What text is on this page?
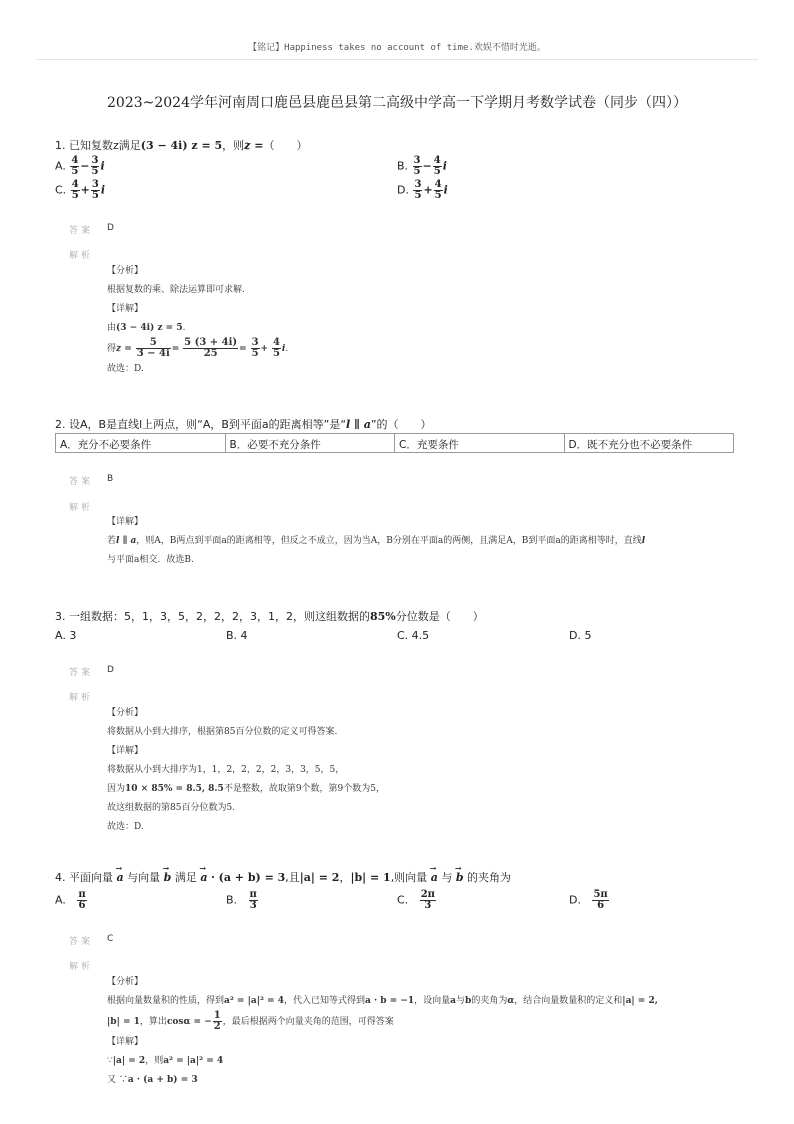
【铭记】Happiness takes no account of time.欢娱不惜时光逝。
2023~2024学年河南周口鹿邑县鹿邑县第二高级中学高一下学期月考数学试卷（同步（四））
1. 已知复数z满足(3 − 4i) z = 5，则z =（　　）
A. $\frac{4}{5} - \frac{3}{5}$ i	B. $\frac{3}{5} - \frac{4}{5}$ i
C. $\frac{4}{5} + \frac{3}{5}$ i	D. $\frac{3}{5} + \frac{4}{5}$ i
答案 D
解析
【分析】
根据复数的乘、除法运算即可求解.
【详解】
由(3 − 4i) z = 5.
得$z = \frac{5}{3 - 4i} = \frac{5 (3 + 4i)}{25} = \frac{3}{5} + \frac{4}{5} i$.
故选：D.
2. 设A，B是直线l上两点，则“A，B到平面a的距离相等”是“l ∥ a”的（　　）
A．充分不必要条件	B．必要不充分条件	C．充要条件	D．既不充分也不必要条件
答案 B
解析
【详解】
若l ∥ a，则A，B两点到平面a的距离相等，但反之不成立，因为当A，B分别在平面a的两侧，且满足A，B到平面a的距离相等时，直线l
与平面a相交．故选B.
3. 一组数据：5，1，3，5，2，2，2，3，1，2，则这组数据的85%分位数是（　　）
A. 3	B. 4	C. 4.5	D. 5
答案 D
解析
【分析】
将数据从小到大排序，根据第85百分位数的定义可得答案.
【详解】
将数据从小到大排序为1，1，2，2，2，2，3，3，5，5，
因为10 × 85% = 8.5, 8.5不是整数，故取第9个数，第9个数为5，
故这组数据的第85百分位数为5.
故选：D.
4. 平面向量 → a 与向量 → b 满足 → a · (a + b) = 3,且|a| = 2，|b| = 1,则向量 → a 与 → b 的夹角为
A. $\frac{\pi}{6}$	B. $\frac{\pi}{3}$	C. $\frac{2\pi}{3}$	D. $\frac{5\pi}{6}$
答案 C
解析
【分析】
根据向量数量积的性质，得到a² = |a|² = 4，代入已知等式得到a · b = −1，设向量a与b的夹角为α，结合向量数量积的定义和|a| = 2,
|b| = 1，算出cosα = − $\frac{1}{2}$ ，最后根据两个向量夹角的范围，可得答案
【详解】
∵|a| = 2，则a² = |a|² = 4
又 ∵a · (a + b) = 3
